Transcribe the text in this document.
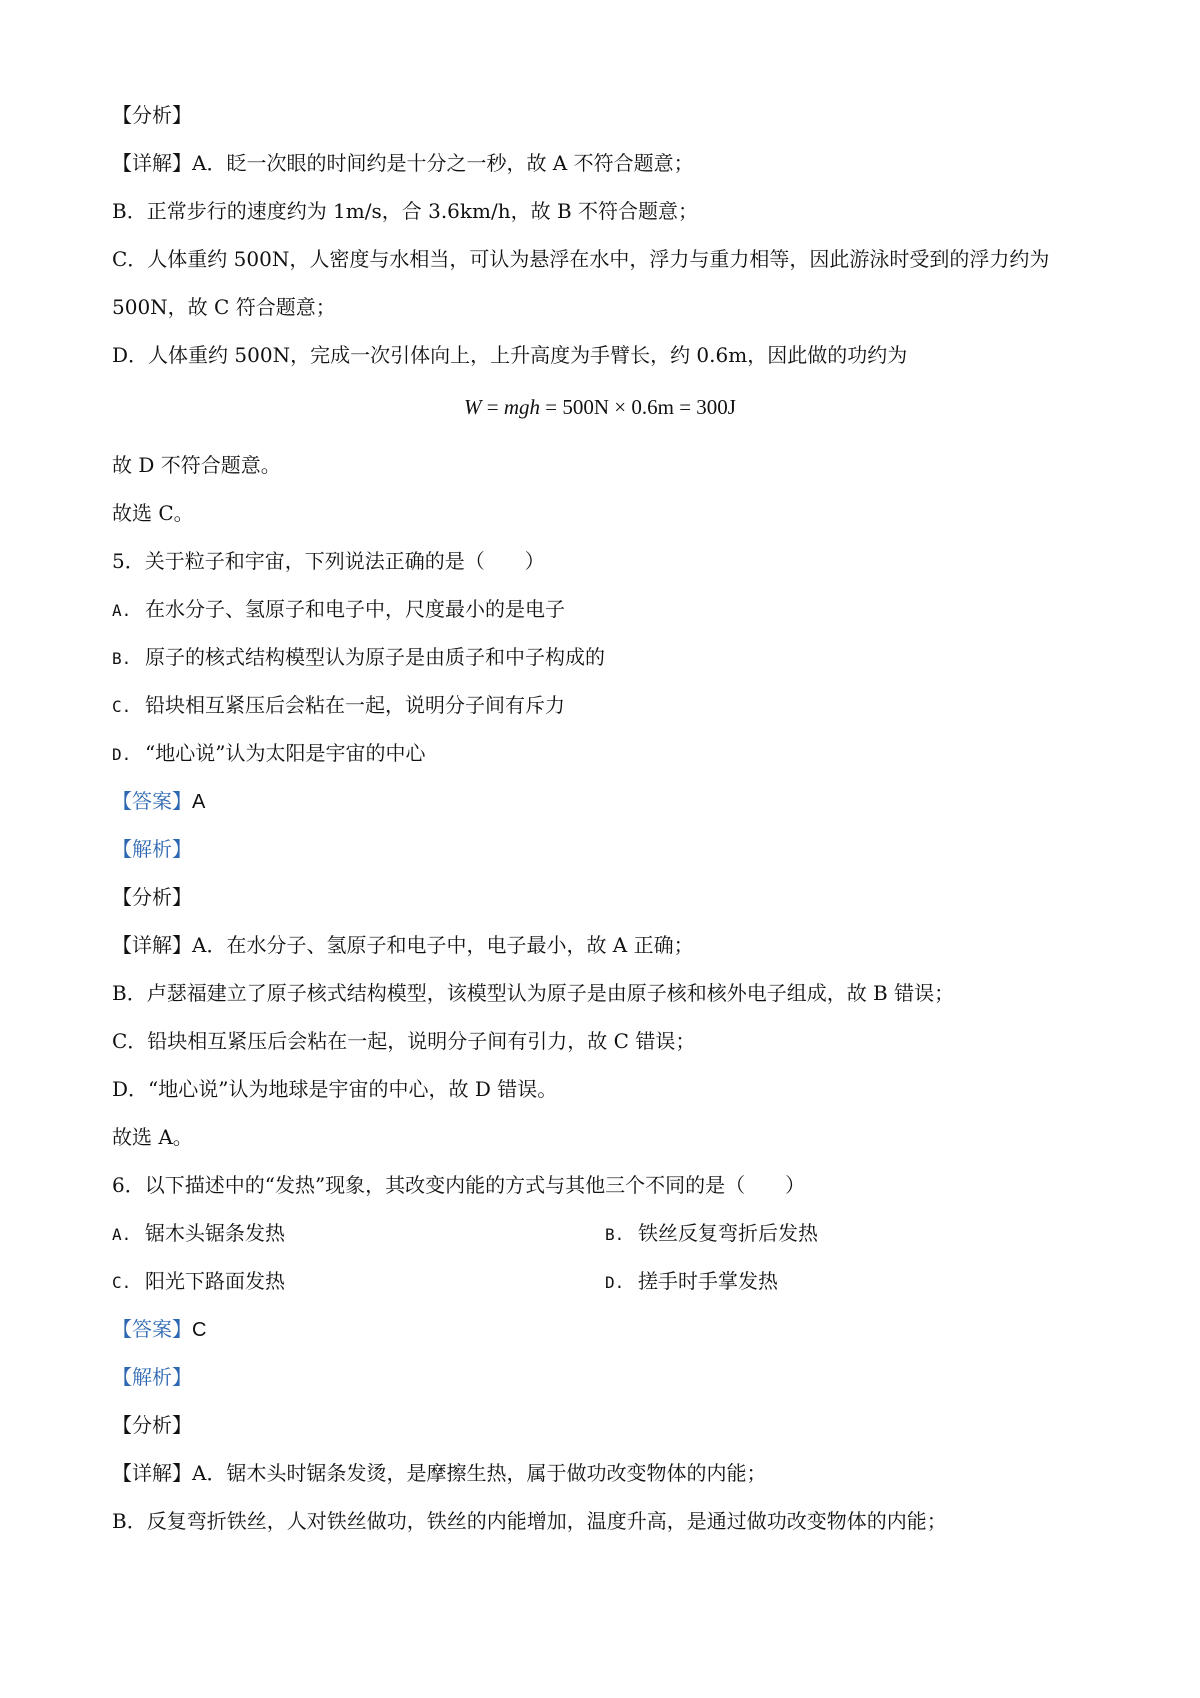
【分析】
【详解】A．眨一次眼的时间约是十分之一秒，故 A 不符合题意；
B．正常步行的速度约为 1m/s，合 3.6km/h，故 B 不符合题意；
C．人体重约 500N，人密度与水相当，可认为悬浮在水中，浮力与重力相等，因此游泳时受到的浮力约为
500N，故 C 符合题意；
D．人体重约 500N，完成一次引体向上，上升高度为手臂长，约 0.6m，因此做的功约为
W = mgh = 500N × 0.6m = 300J
故 D 不符合题意。
故选 C。
5．关于粒子和宇宙，下列说法正确的是（　　）
A. 在水分子、氢原子和电子中，尺度最小的是电子
B. 原子的核式结构模型认为原子是由质子和中子构成的
C. 铅块相互紧压后会粘在一起，说明分子间有斥力
D. “地心说”认为太阳是宇宙的中心
【答案】A
【解析】
【分析】
【详解】A．在水分子、氢原子和电子中，电子最小，故 A 正确；
B．卢瑟福建立了原子核式结构模型，该模型认为原子是由原子核和核外电子组成，故 B 错误；
C．铅块相互紧压后会粘在一起，说明分子间有引力，故 C 错误；
D．“地心说”认为地球是宇宙的中心，故 D 错误。
故选 A。
6．以下描述中的“发热”现象，其改变内能的方式与其他三个不同的是（　　）
A. 锯木头锯条发热	B. 铁丝反复弯折后发热
C. 阳光下路面发热	D. 搓手时手掌发热
【答案】C
【解析】
【分析】
【详解】A．锯木头时锯条发烫，是摩擦生热，属于做功改变物体的内能；
B．反复弯折铁丝，人对铁丝做功，铁丝的内能增加，温度升高，是通过做功改变物体的内能；
